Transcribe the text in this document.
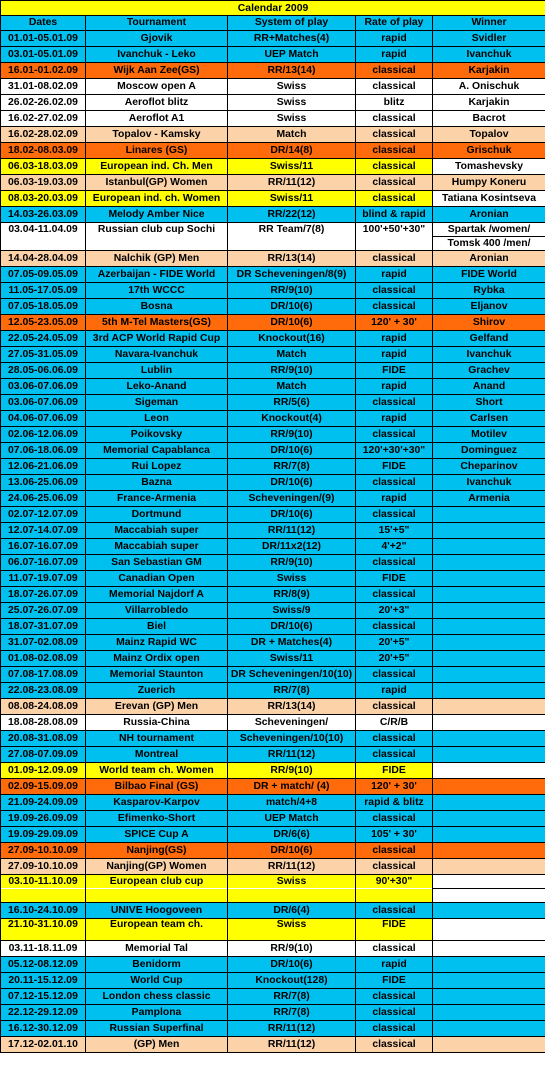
Calendar 2009				
Dates	Tournament	System of play	Rate of play	Winner
01.01-05.01.09	Gjovik	RR+Matches(4)	rapid	Svidler
03.01-05.01.09	Ivanchuk - Leko	UEP Match	rapid	Ivanchuk
16.01-01.02.09	Wijk Aan Zee(GS)	RR/13(14)	classical	Karjakin
31.01-08.02.09	Moscow open A	Swiss	classical	A. Onischuk
26.02-26.02.09	Aeroflot blitz	Swiss	blitz	Karjakin
16.02-27.02.09	Aeroflot A1	Swiss	classical	Bacrot
16.02-28.02.09	Topalov - Kamsky	Match	classical	Topalov
18.02-08.03.09	Linares (GS)	DR/14(8)	classical	Grischuk
06.03-18.03.09	European ind. Ch. Men	Swiss/11	classical	Tomashevsky
06.03-19.03.09	Istanbul(GP) Women	RR/11(12)	classical	Humpy Koneru
08.03-20.03.09	European ind. ch. Women	Swiss/11	classical	Tatiana Kosintseva
14.03-26.03.09	Melody Amber Nice	RR/22(12)	blind & rapid	Aronian
03.04-11.04.09	Russian club cup Sochi	RR Team/7(8)	100'+50'+30"	Spartak /women/
				Tomsk 400 /men/
14.04-28.04.09	Nalchik (GP) Men	RR/13(14)	classical	Aronian
07.05-09.05.09	Azerbaijan - FIDE World	DR Scheveningen/8(9)	rapid	FIDE World
11.05-17.05.09	17th WCCC	RR/9(10)	classical	Rybka
07.05-18.05.09	Bosna	DR/10(6)	classical	Eljanov
12.05-23.05.09	5th M-Tel Masters(GS)	DR/10(6)	120' + 30'	Shirov
22.05-24.05.09	3rd ACP World Rapid Cup	Knockout(16)	rapid	Gelfand
27.05-31.05.09	Navara-Ivanchuk	Match	rapid	Ivanchuk
28.05-06.06.09	Lublin	RR/9(10)	FIDE	Grachev
03.06-07.06.09	Leko-Anand	Match	rapid	Anand
03.06-07.06.09	Sigeman	RR/5(6)	classical	Short
04.06-07.06.09	Leon	Knockout(4)	rapid	Carlsen
02.06-12.06.09	Poikovsky	RR/9(10)	classical	Motilev
07.06-18.06.09	Memorial Capablanca	DR/10(6)	120'+30'+30"	Dominguez
12.06-21.06.09	Rui Lopez	RR/7(8)	FIDE	Cheparinov
13.06-25.06.09	Bazna	DR/10(6)	classical	Ivanchuk
24.06-25.06.09	France-Armenia	Scheveningen/(9)	rapid	Armenia
02.07-12.07.09	Dortmund	DR/10(6)	classical	
12.07-14.07.09	Maccabiah super	RR/11(12)	15'+5"	
16.07-16.07.09	Maccabiah super	DR/11x2(12)	4'+2"	
06.07-16.07.09	San Sebastian GM	RR/9(10)	classical	
11.07-19.07.09	Canadian Open	Swiss	FIDE	
18.07-26.07.09	Memorial Najdorf A	RR/8(9)	classical	
25.07-26.07.09	Villarrobledo	Swiss/9	20'+3"	
18.07-31.07.09	Biel	DR/10(6)	classical	
31.07-02.08.09	Mainz Rapid WC	DR + Matches(4)	20'+5"	
01.08-02.08.09	Mainz Ordix open	Swiss/11	20'+5"	
07.08-17.08.09	Memorial Staunton	DR Scheveningen/10(10)	classical	
22.08-23.08.09	Zuerich	RR/7(8)	rapid	
08.08-24.08.09	Erevan (GP) Men	RR/13(14)	classical	
18.08-28.08.09	Russia-China	Scheveningen/	C/R/B	
20.08-31.08.09	NH tournament	Scheveningen/10(10)	classical	
27.08-07.09.09	Montreal	RR/11(12)	classical	
01.09-12.09.09	World team ch. Women	RR/9(10)	FIDE	
02.09-15.09.09	Bilbao Final (GS)	DR + match/ (4)	120' + 30'	
21.09-24.09.09	Kasparov-Karpov	match/4+8	rapid & blitz	
19.09-26.09.09	Efimenko-Short	UEP Match	classical	
19.09-29.09.09	SPICE Cup A	DR/6(6)	105' + 30'	
27.09-10.10.09	Nanjing(GS)	DR/10(6)	classical	
27.09-10.10.09	Nanjing(GP) Women	RR/11(12)	classical	
03.10-11.10.09	European club cup	Swiss	90'+30"	

16.10-24.10.09	UNIVE Hoogoveen	DR/6(4)	classical	
21.10-31.10.09	European team ch.	Swiss	FIDE	
03.11-18.11.09	Memorial Tal	RR/9(10)	classical	
05.12-08.12.09	Benidorm	DR/10(6)	rapid	
20.11-15.12.09	World Cup	Knockout(128)	FIDE	
07.12-15.12.09	London chess classic	RR/7(8)	classical	
22.12-29.12.09	Pamplona	RR/7(8)	classical	
16.12-30.12.09	Russian Superfinal	RR/11(12)	classical	
17.12-02.01.10	(GP) Men	RR/11(12)	classical	
